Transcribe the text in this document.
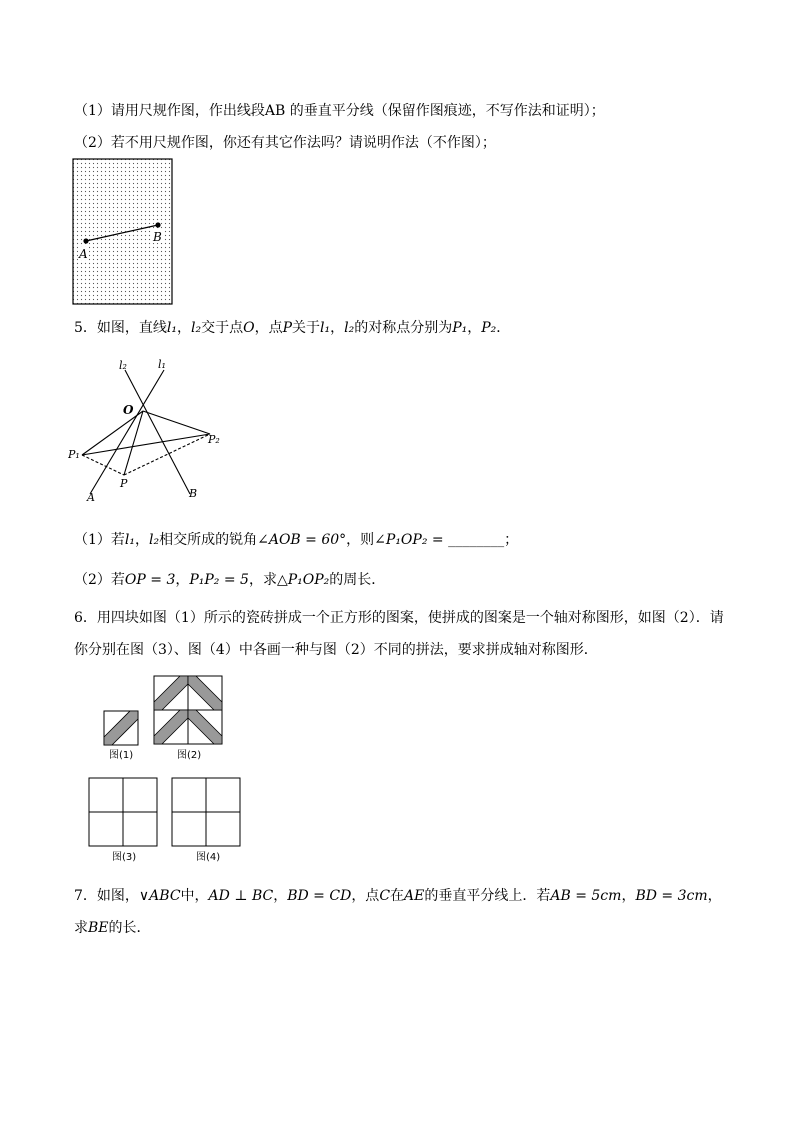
（1）请用尺规作图，作出线段AB 的垂直平分线（保留作图痕迹，不写作法和证明）；
（2）若不用尺规作图，你还有其它作法吗？请说明作法（不作图）；
A
B
5．如图，直线l₁，l₂交于点O，点P关于l₁，l₂的对称点分别为P₁，P₂．
l₂	l₁
O
P₁
P₂
P
A	B
（1）若l₁，l₂相交所成的锐角∠AOB = 60°，则∠P₁OP₂ = ________；
（2）若OP = 3，P₁P₂ = 5，求△P₁OP₂的周长．
6．用四块如图（1）所示的瓷砖拼成一个正方形的图案，使拼成的图案是一个轴对称图形，如图（2）．请
你分别在图（3）、图（4）中各画一种与图（2）不同的拼法，要求拼成轴对称图形．
图(1)	图(2)
图(3)	图(4)
7．如图，∨ABC中，AD ⊥ BC，BD = CD，点C在AE的垂直平分线上．若AB = 5cm，BD = 3cm，
求BE的长．
